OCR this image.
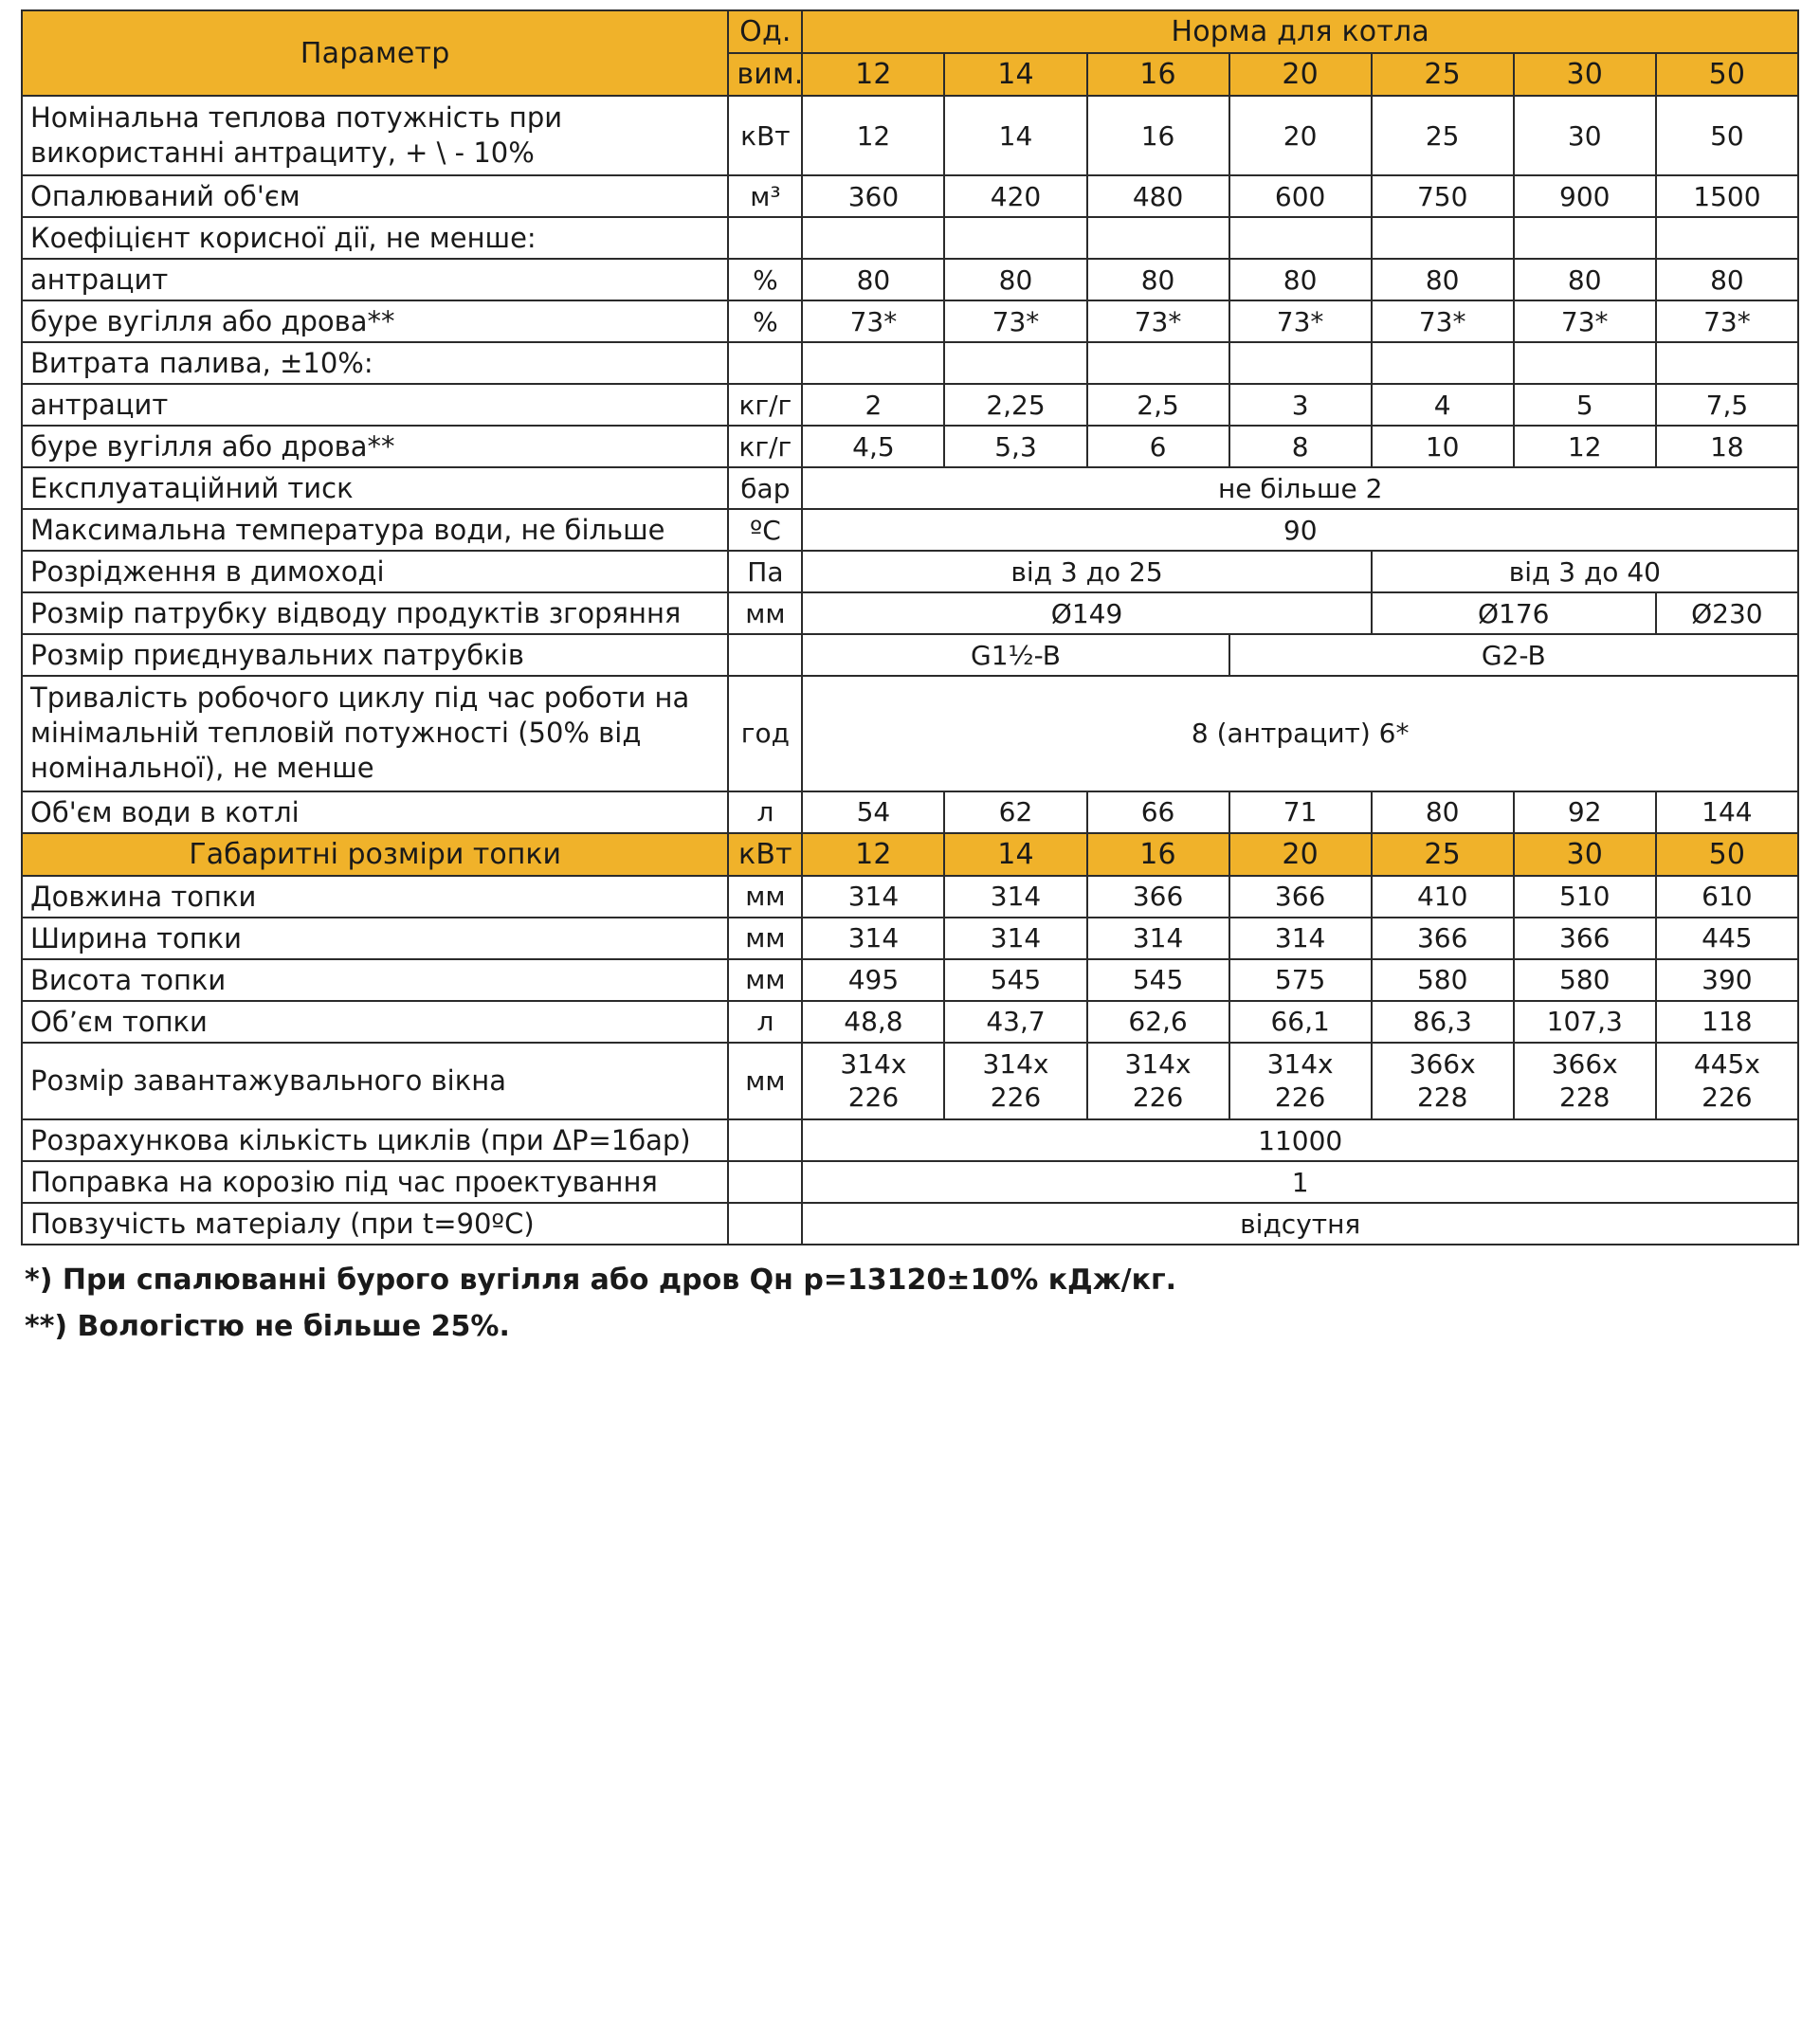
Параметр	Од.	Норма для котла						
	вим.	12	14	16	20	25	30	50
Номінальна теплова потужність при використанні антрациту, + \ - 10%	кВт	12	14	16	20	25	30	50
Опалюваний об'єм	м³	360	420	480	600	750	900	1500
Коефіцієнт корисної дії, не менше:								
антрацит	%	80	80	80	80	80	80	80
буре вугілля або дрова**	%	73*	73*	73*	73*	73*	73*	73*
Витрата палива, ±10%:								
антрацит	кг/г	2	2,25	2,5	3	4	5	7,5
буре вугілля або дрова**	кг/г	4,5	5,3	6	8	10	12	18
Експлуатаційний тиск	бар	не більше 2						
Максимальна температура води, не більше	ºC	90						
Розрідження в димоході	Па	від 3 до 25				від 3 до 40		
Розмір патрубку відводу продуктів згоряння	мм	Ø149				Ø176		Ø230
Розмір приєднувальних патрубків		G1½-B			G2-B			
Тривалість робочого циклу під час роботи на мінімальній тепловій потужності (50% від номінальної), не менше	год	8 (антрацит) 6*						
Об'єм води в котлі	л	54	62	66	71	80	92	144
Габаритні розміри топки	кВт	12	14	16	20	25	30	50
Довжина топки	мм	314	314	366	366	410	510	610
Ширина топки	мм	314	314	314	314	366	366	445
Висота топки	мм	495	545	545	575	580	580	390
Об’єм топки	л	48,8	43,7	62,6	66,1	86,3	107,3	118
Розмір завантажувального вікна	мм	314x 226	314x 226	314x 226	314x 226	366x 228	366x 228	445x 226
Розрахункова кількість циклів (при ΔР=1бар)		11000						
Поправка на корозію під час проектування		1						
Повзучість матеріалу (при t=90ºC)		відсутня						
*) При спалюванні бурого вугілля або дров Qн р=13120±10% кДж/кг.
**) Вологістю не більше 25%.
